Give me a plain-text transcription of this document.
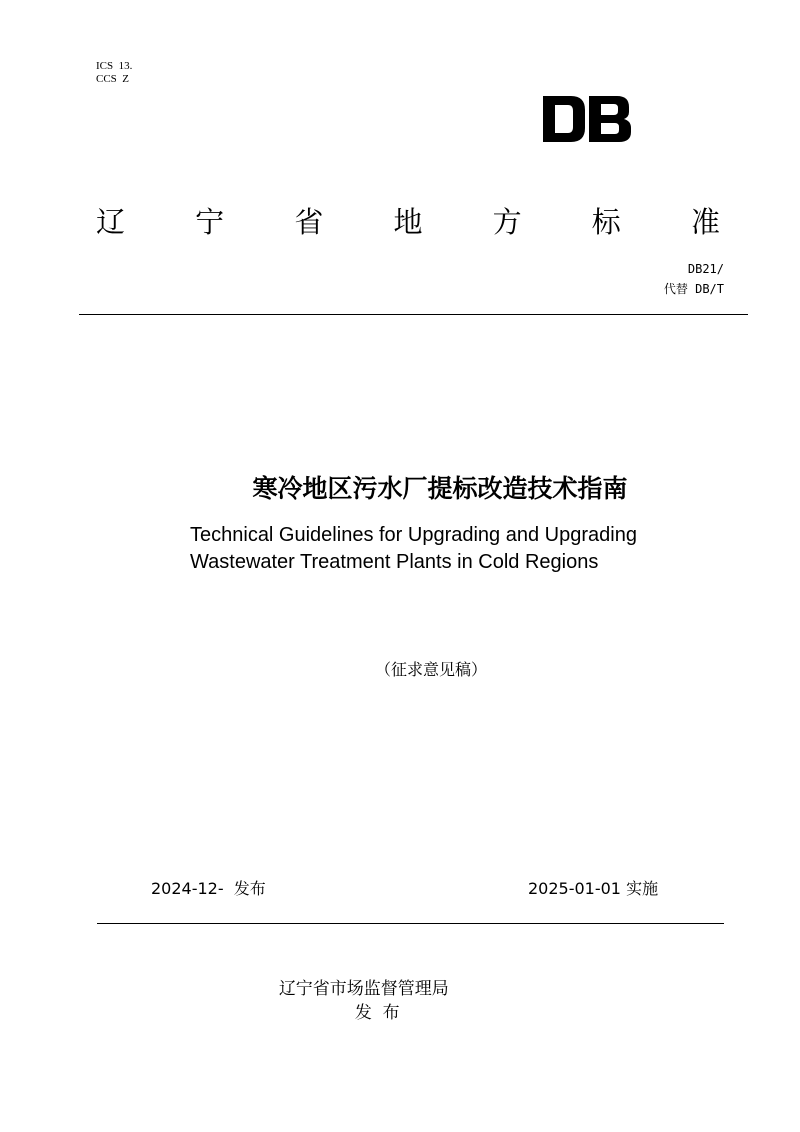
ICS  13.
CCS  Z
辽 宁 省 地 方 标 准
DB21/
代替 DB/T
寒冷地区污水厂提标改造技术指南
Technical Guidelines for Upgrading and Upgrading
Wastewater Treatment Plants in Cold Regions
（征求意见稿）
2024-12-  发布	2025-01-01 实施

辽宁省市场监督管理局
发  布
